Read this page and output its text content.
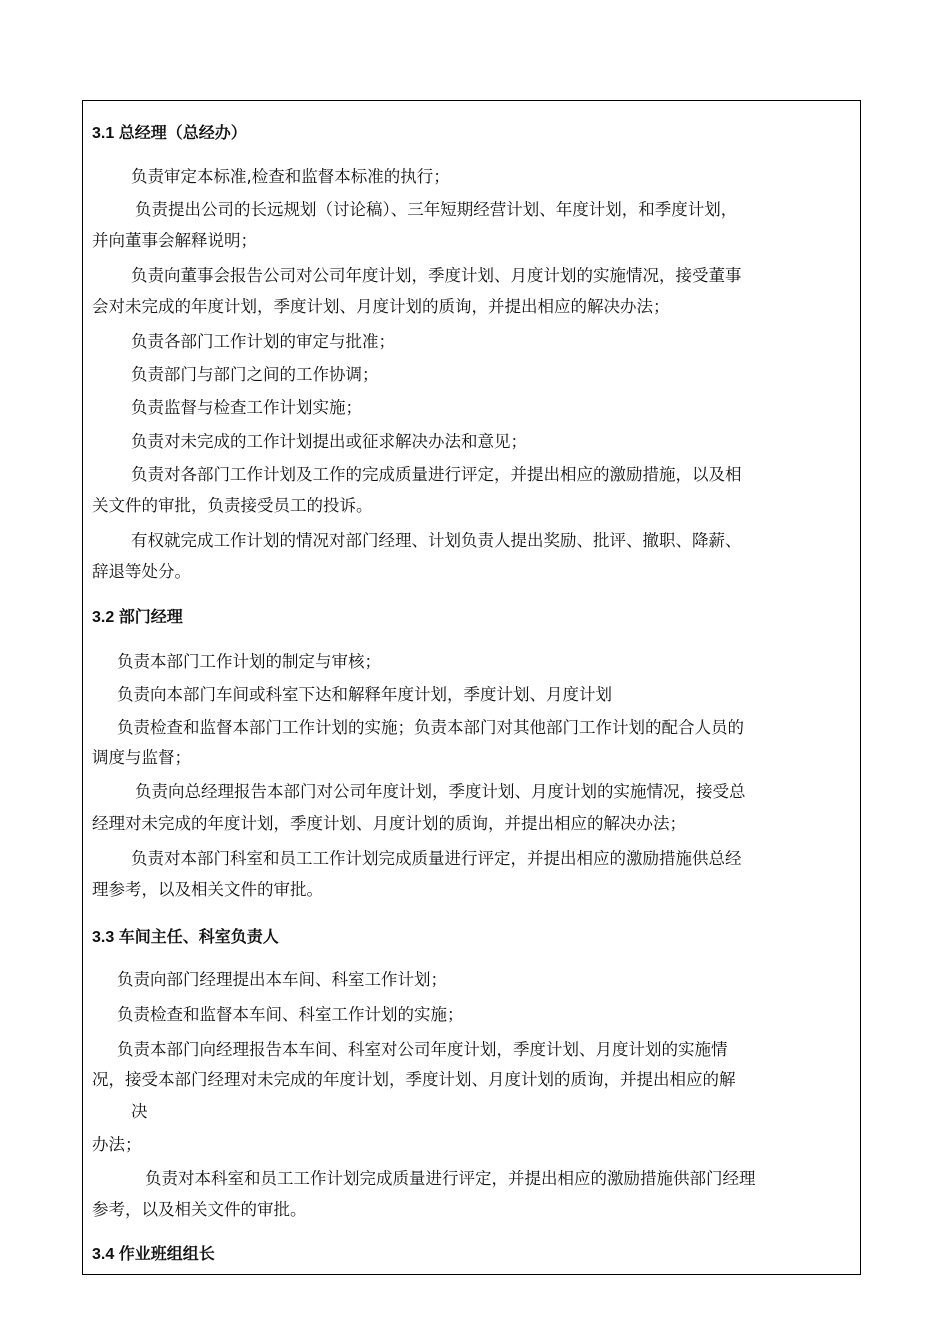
3.1 总经理（总经办）
负责审定本标准,检查和监督本标准的执行；
负责提出公司的长远规划（讨论稿）、三年短期经营计划、年度计划，和季度计划，
并向董事会解释说明；
负责向董事会报告公司对公司年度计划，季度计划、月度计划的实施情况，接受董事
会对未完成的年度计划，季度计划、月度计划的质询，并提出相应的解决办法；
负责各部门工作计划的审定与批准；
负责部门与部门之间的工作协调；
负责监督与检查工作计划实施；
负责对未完成的工作计划提出或征求解决办法和意见；
负责对各部门工作计划及工作的完成质量进行评定，并提出相应的激励措施，以及相
关文件的审批，负责接受员工的投诉。
有权就完成工作计划的情况对部门经理、计划负责人提出奖励、批评、撤职、降薪、
辞退等处分。
3.2 部门经理
负责本部门工作计划的制定与审核；
负责向本部门车间或科室下达和解释年度计划，季度计划、月度计划
负责检查和监督本部门工作计划的实施；负责本部门对其他部门工作计划的配合人员的
调度与监督；
负责向总经理报告本部门对公司年度计划，季度计划、月度计划的实施情况，接受总
经理对未完成的年度计划，季度计划、月度计划的质询，并提出相应的解决办法；
负责对本部门科室和员工工作计划完成质量进行评定，并提出相应的激励措施供总经
理参考，以及相关文件的审批。
3.3 车间主任、科室负责人
负责向部门经理提出本车间、科室工作计划；
负责检查和监督本车间、科室工作计划的实施；
负责本部门向经理报告本车间、科室对公司年度计划，季度计划、月度计划的实施情
况，接受本部门经理对未完成的年度计划，季度计划、月度计划的质询，并提出相应的解
决
办法；
负责对本科室和员工工作计划完成质量进行评定，并提出相应的激励措施供部门经理
参考，以及相关文件的审批。
3.4 作业班组组长
